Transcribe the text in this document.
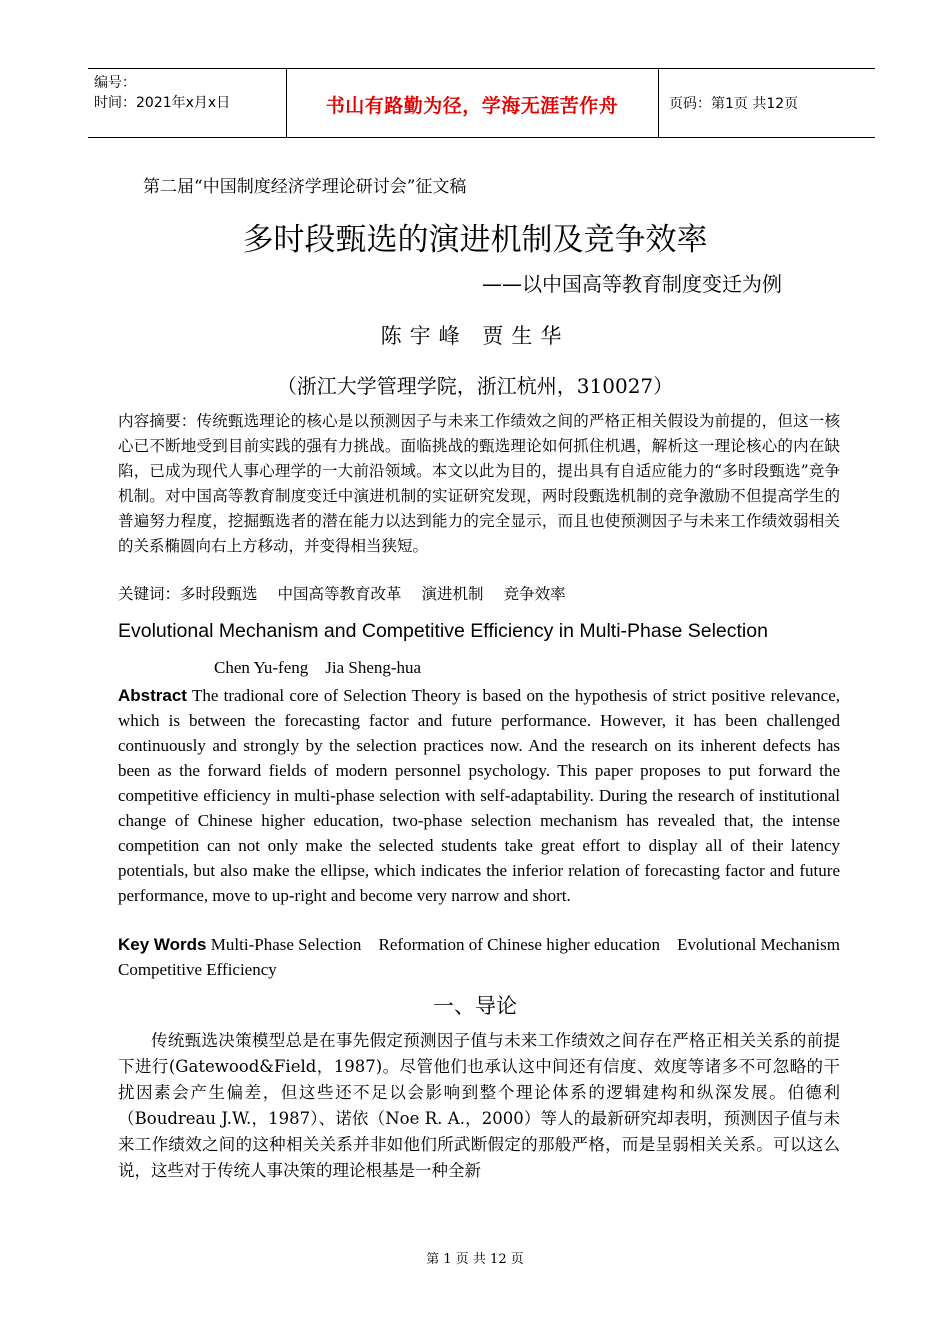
编号：
时间：2021年x月x日	书山有路勤为径，学海无涯苦作舟	页码：第1页 共12页
第二届“中国制度经济学理论研讨会”征文稿
多时段甄选的演进机制及竞争效率
——以中国高等教育制度变迁为例
陈宇峰 贾生华
（浙江大学管理学院，浙江杭州，310027）
内容摘要：传统甄选理论的核心是以预测因子与未来工作绩效之间的严格正相关假设为前提的，但这一核心已不断地受到目前实践的强有力挑战。面临挑战的甄选理论如何抓住机遇，解析这一理论核心的内在缺陷，已成为现代人事心理学的一大前沿领域。本文以此为目的，提出具有自适应能力的“多时段甄选”竞争机制。对中国高等教育制度变迁中演进机制的实证研究发现，两时段甄选机制的竞争激励不但提高学生的普遍努力程度，挖掘甄选者的潜在能力以达到能力的完全显示，而且也使预测因子与未来工作绩效弱相关的关系椭圆向右上方移动，并变得相当狭短。
关键词：多时段甄选 中国高等教育改革 演进机制 竞争效率
Evolutional Mechanism and Competitive Efficiency in Multi-Phase Selection
Chen Yu-feng    Jia Sheng-hua
Abstract The tradional core of Selection Theory is based on the hypothesis of strict positive relevance, which is between the forecasting factor and future performance. However, it has been challenged continuously and strongly by the selection practices now. And the research on its inherent defects has been as the forward fields of modern personnel psychology. This paper proposes to put forward the competitive efficiency in multi-phase selection with self-adaptability. During the research of institutional change of Chinese higher education, two-phase selection mechanism has revealed that, the intense competition can not only make the selected students take great effort to display all of their latency potentials, but also make the ellipse, which indicates the inferior relation of forecasting factor and future performance, move to up-right and become very narrow and short.
Key Words Multi-Phase Selection    Reformation of Chinese higher education    Evolutional Mechanism    Competitive Efficiency
一、导论
传统甄选决策模型总是在事先假定预测因子值与未来工作绩效之间存在严格正相关关系的前提下进行(Gatewood&Field，1987)。尽管他们也承认这中间还有信度、效度等诸多不可忽略的干扰因素会产生偏差，但这些还不足以会影响到整个理论体系的逻辑建构和纵深发展。伯德利（Boudreau J.W.，1987）、诺依（Noe R. A.，2000）等人的最新研究却表明，预测因子值与未来工作绩效之间的这种相关关系并非如他们所武断假定的那般严格，而是呈弱相关关系。可以这么说，这些对于传统人事决策的理论根基是一种全新
第 1 页 共 12 页
